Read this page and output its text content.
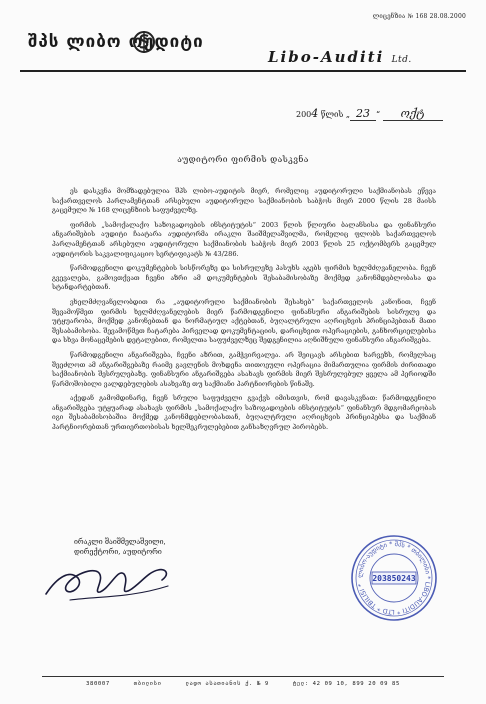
ლიცენზია № 168 28.08.2000
შპს ლიბო ოუდიტი
Libo-Auditi Ltd.
2004 წლის „ 23 “ ოქტ
აუდიტორი ფირმის დასკვნა

ეს დასკვნა მომზადებულია შპს ლიბო-აუდიტის მიერ, რომელიც აუდიტორული საქმიანობას ეწევა საქართველოს პარლამენტთან არსებული აუდიტორული საქმიანობის საბჭოს მიერ 2000 წლის 28 მაისს გაცემული № 168 ლიცენზიის საფუძველზე.

ფირმის „სამოქალაქო საზოგადოების ინსტიტუტის“ 2003 წლის წლიური ბალანსისა და ფინანსური ანგარიშების აუდიტი ჩაატარა აუდიტორმა ირაკლი შაიშმელაშვილმა, რომელიც ფლობს საქართველოს პარლამენტთან არსებული აუდიტორული საქმიანობის საბჭოს მიერ 2003 წლის 25 ოქტომბერს გაცემულ აუდიტორის საკვალიფიკაციო სერტიფიკატს № 43/286.

წარმოდგენილი დოკუმენტების სისწორეზე და სისრულეზე პასუხს აგებს ფირმის ხელმძღვანელობა. ჩვენ გვევალება, გამოვთქვათ ჩვენი აზრი ამ დოკუმენტების შესაბამისობაზე მოქმედ კანონმდებლობასა და სტანდარტებთან.

ვხელმძღვანელობდით რა „აუდიტორული საქმიანობის შესახებ“ საქართველოს კანონით, ჩვენ შევამოწმეთ ფირმის ხელმძღვანელების მიერ წარმოდგენილი ფინანსური ანგარიშების სისრულე და უტყუარობა, მოქმედ კანონებთან და ნორმატიულ აქტებთან, ბუღალტრული აღრიცხვის პრინციპებთან მათი შესაბამისობა. შევამოწმეთ ჩატარება პირველად დოკუმენტაციის, დარიცხვით ოპერაციების, განხორციელებისა და სხვა მონაცემების დეტალებით, რომელთა საფუძველზეც შედგენილია აღნიშნული ფინანსური ანგარიშგება.

წარმოდგენილი ანგარიშგება, ჩვენი აზრით, გამჭვირვალეა. არ შეიცავს არსებით ხარვეზს, რომელსაც შეეძლოთ ამ ანგარიშგებაზე რაიმე გავლენის მოხდენა თითოეული ოპერაცია მიმართულია ფირმის ძირითადი საქმიანობის შესრულებაზე. ფინანსური ანგარიშგება ასახავს ფირმის მიერ შესრულებულ ყველა ამ პერიოდში წარმოშობილი ვალდებულების ასახვაზე თუ საქმიანი პარტნიორების წინაშე.

აქედან გამომდინარე, ჩვენ სრული საფუძველი გვაქვს იმისთვის, რომ დავასკვნათ: წარმოდგენილი ანგარიშგება უტყუარად ასახავს ფირმის „სამოქალაქო საზოგადოების ინსტიტუტის“ ფინანსურ მდგომარეობას იგი შესაბამისობაშია მოქმედ კანონმდებლობასთან, ბუღალტრული აღრიცხვის პრინციპებსა და საქმიან პარტნიორებთან ურთიერთობისას ხელშეკრულებებით განსაზღვრულ პირობებს.

ირაკლი შაიშმელაშვილი,
დირექტორი, აუდიტორი
ლიბო-აუდიტი * შპს * თბილისი * LIBO-AUDITI * LTD * TBILISI *
203850243
380007	თბილისი	ლადო ასათიანის ქ. № 9	ტელ: 42 09 10, 899 20 09 85
